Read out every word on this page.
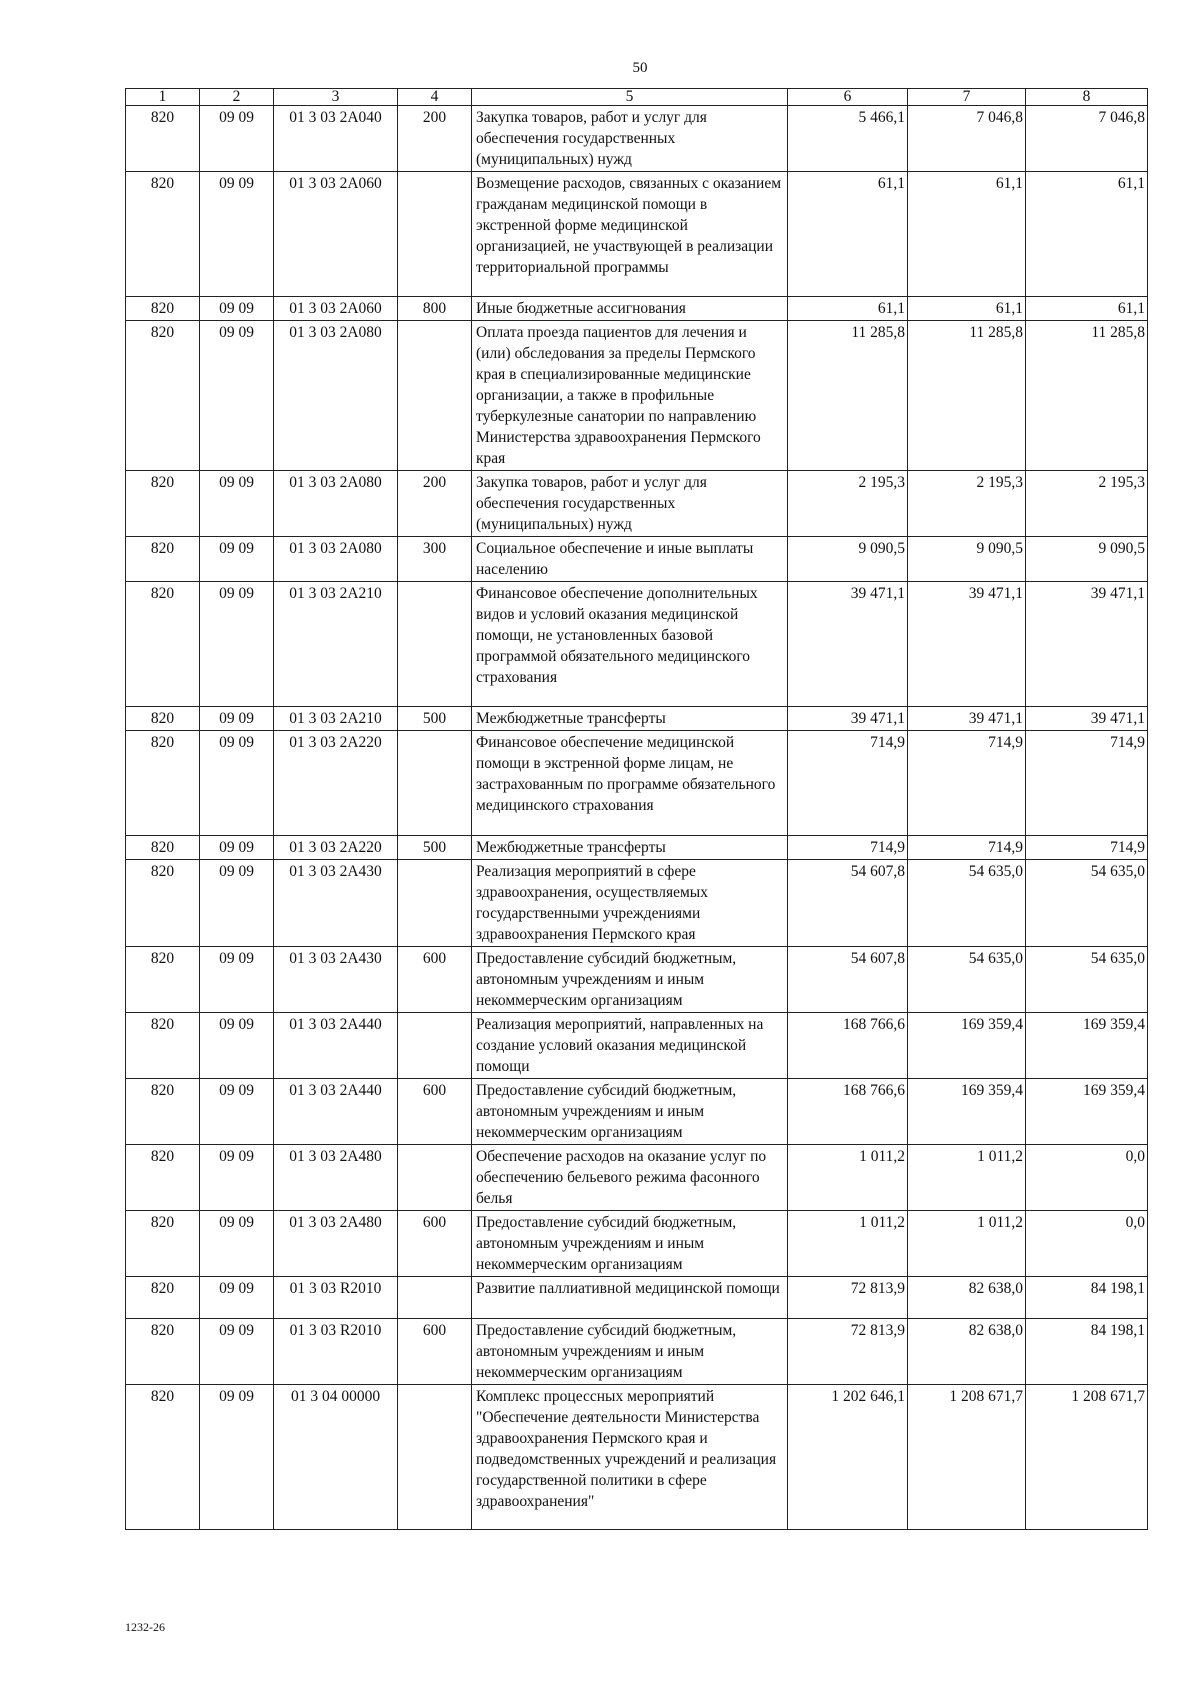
50
1	2	3	4	5	6	7	8
820	09 09	01 3 03 2А040	200	Закупка товаров, работ и услуг для обеспечения государственных (муниципальных) нужд	5 466,1	7 046,8	7 046,8
820	09 09	01 3 03 2А060		Возмещение расходов, связанных с оказанием гражданам медицинской помощи в экстренной форме медицинской организацией, не участвующей в реализации территориальной программы	61,1	61,1	61,1
820	09 09	01 3 03 2А060	800	Иные бюджетные ассигнования	61,1	61,1	61,1
820	09 09	01 3 03 2А080		Оплата проезда пациентов для лечения и (или) обследования за пределы Пермского края в специализированные медицинские организации, а также в профильные туберкулезные санатории по направлению Министерства здравоохранения Пермского края	11 285,8	11 285,8	11 285,8
820	09 09	01 3 03 2А080	200	Закупка товаров, работ и услуг для обеспечения государственных (муниципальных) нужд	2 195,3	2 195,3	2 195,3
820	09 09	01 3 03 2А080	300	Социальное обеспечение и иные выплаты населению	9 090,5	9 090,5	9 090,5
820	09 09	01 3 03 2А210		Финансовое обеспечение дополнительных видов и условий оказания медицинской помощи, не установленных базовой программой обязательного медицинского страхования	39 471,1	39 471,1	39 471,1
820	09 09	01 3 03 2А210	500	Межбюджетные трансферты	39 471,1	39 471,1	39 471,1
820	09 09	01 3 03 2А220		Финансовое обеспечение медицинской помощи в экстренной форме лицам, не застрахованным по программе обязательного медицинского страхования	714,9	714,9	714,9
820	09 09	01 3 03 2А220	500	Межбюджетные трансферты	714,9	714,9	714,9
820	09 09	01 3 03 2А430		Реализация мероприятий в сфере здравоохранения, осуществляемых государственными учреждениями здравоохранения Пермского края	54 607,8	54 635,0	54 635,0
820	09 09	01 3 03 2А430	600	Предоставление субсидий бюджетным, автономным учреждениям и иным некоммерческим организациям	54 607,8	54 635,0	54 635,0
820	09 09	01 3 03 2А440		Реализация мероприятий, направленных на создание условий оказания медицинской помощи	168 766,6	169 359,4	169 359,4
820	09 09	01 3 03 2А440	600	Предоставление субсидий бюджетным, автономным учреждениям и иным некоммерческим организациям	168 766,6	169 359,4	169 359,4
820	09 09	01 3 03 2А480		Обеспечение расходов на оказание услуг по обеспечению бельевого режима фасонного белья	1 011,2	1 011,2	0,0
820	09 09	01 3 03 2А480	600	Предоставление субсидий бюджетным, автономным учреждениям и иным некоммерческим организациям	1 011,2	1 011,2	0,0
820	09 09	01 3 03 R2010		Развитие паллиативной медицинской помощи	72 813,9	82 638,0	84 198,1
820	09 09	01 3 03 R2010	600	Предоставление субсидий бюджетным, автономным учреждениям и иным некоммерческим организациям	72 813,9	82 638,0	84 198,1
820	09 09	01 3 04 00000		Комплекс процессных мероприятий "Обеспечение деятельности Министерства здравоохранения Пермского края и подведомственных учреждений и реализация государственной политики в сфере здравоохранения"	1 202 646,1	1 208 671,7	1 208 671,7
1232-26
